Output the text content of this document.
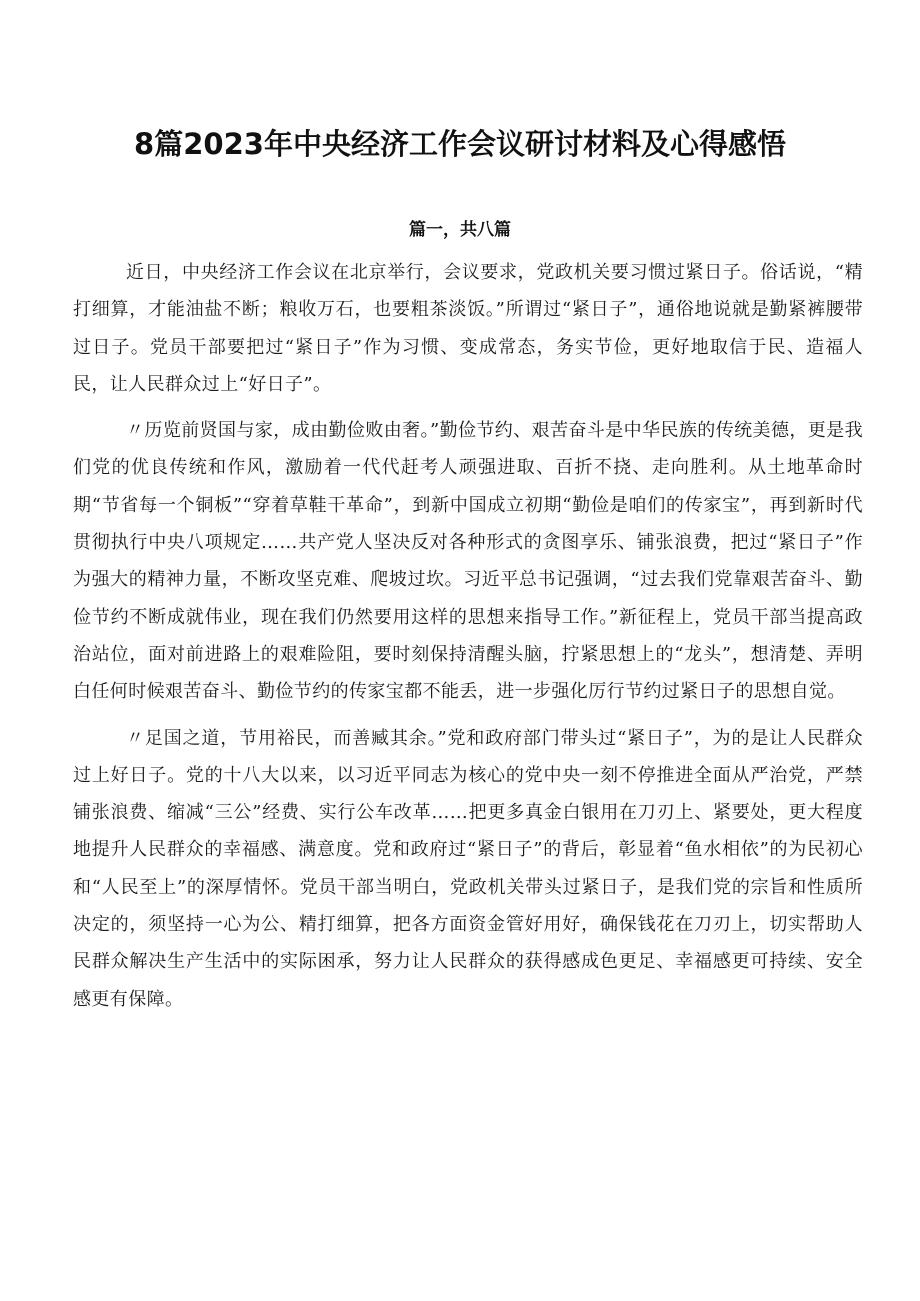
8篇2023年中央经济工作会议研讨材料及心得感悟
篇一，共八篇

近日，中央经济工作会议在北京举行，会议要求，党政机关要习惯过紧日子。俗话说，“精打细算，才能油盐不断；粮收万石，也要粗茶淡饭。”所谓过“紧日子”，通俗地说就是勤紧裤腰带过日子。党员干部要把过“紧日子”作为习惯、变成常态，务实节俭，更好地取信于民、造福人民，让人民群众过上“好日子”。

〃历览前贤国与家，成由勤俭败由奢。”勤俭节约、艰苦奋斗是中华民族的传统美德，更是我们党的优良传统和作风，激励着一代代赶考人顽强进取、百折不挠、走向胜利。从土地革命时期“节省每一个铜板”“穿着草鞋干革命”，到新中国成立初期“勤俭是咱们的传家宝”，再到新时代贯彻执行中央八项规定……共产党人坚决反对各种形式的贪图享乐、铺张浪费，把过“紧日子”作为强大的精神力量，不断攻坚克难、爬坡过坎。习近平总书记强调，“过去我们党靠艰苦奋斗、勤俭节约不断成就伟业，现在我们仍然要用这样的思想来指导工作。”新征程上，党员干部当提高政治站位，面对前进路上的艰难险阻，要时刻保持清醒头脑，拧紧思想上的“龙头”，想清楚、弄明白任何时候艰苦奋斗、勤俭节约的传家宝都不能丢，进一步强化厉行节约过紧日子的思想自觉。

〃足国之道，节用裕民，而善臧其余。”党和政府部门带头过“紧日子”，为的是让人民群众过上好日子。党的十八大以来，以习近平同志为核心的党中央一刻不停推进全面从严治党，严禁铺张浪费、缩减“三公”经费、实行公车改革……把更多真金白银用在刀刃上、紧要处，更大程度地提升人民群众的幸福感、满意度。党和政府过“紧日子”的背后，彰显着“鱼水相依”的为民初心和“人民至上”的深厚情怀。党员干部当明白，党政机关带头过紧日子，是我们党的宗旨和性质所决定的，须坚持一心为公、精打细算，把各方面资金管好用好，确保钱花在刀刃上，切实帮助人民群众解决生产生活中的实际困承，努力让人民群众的获得感成色更足、幸福感更可持续、安全感更有保障。
